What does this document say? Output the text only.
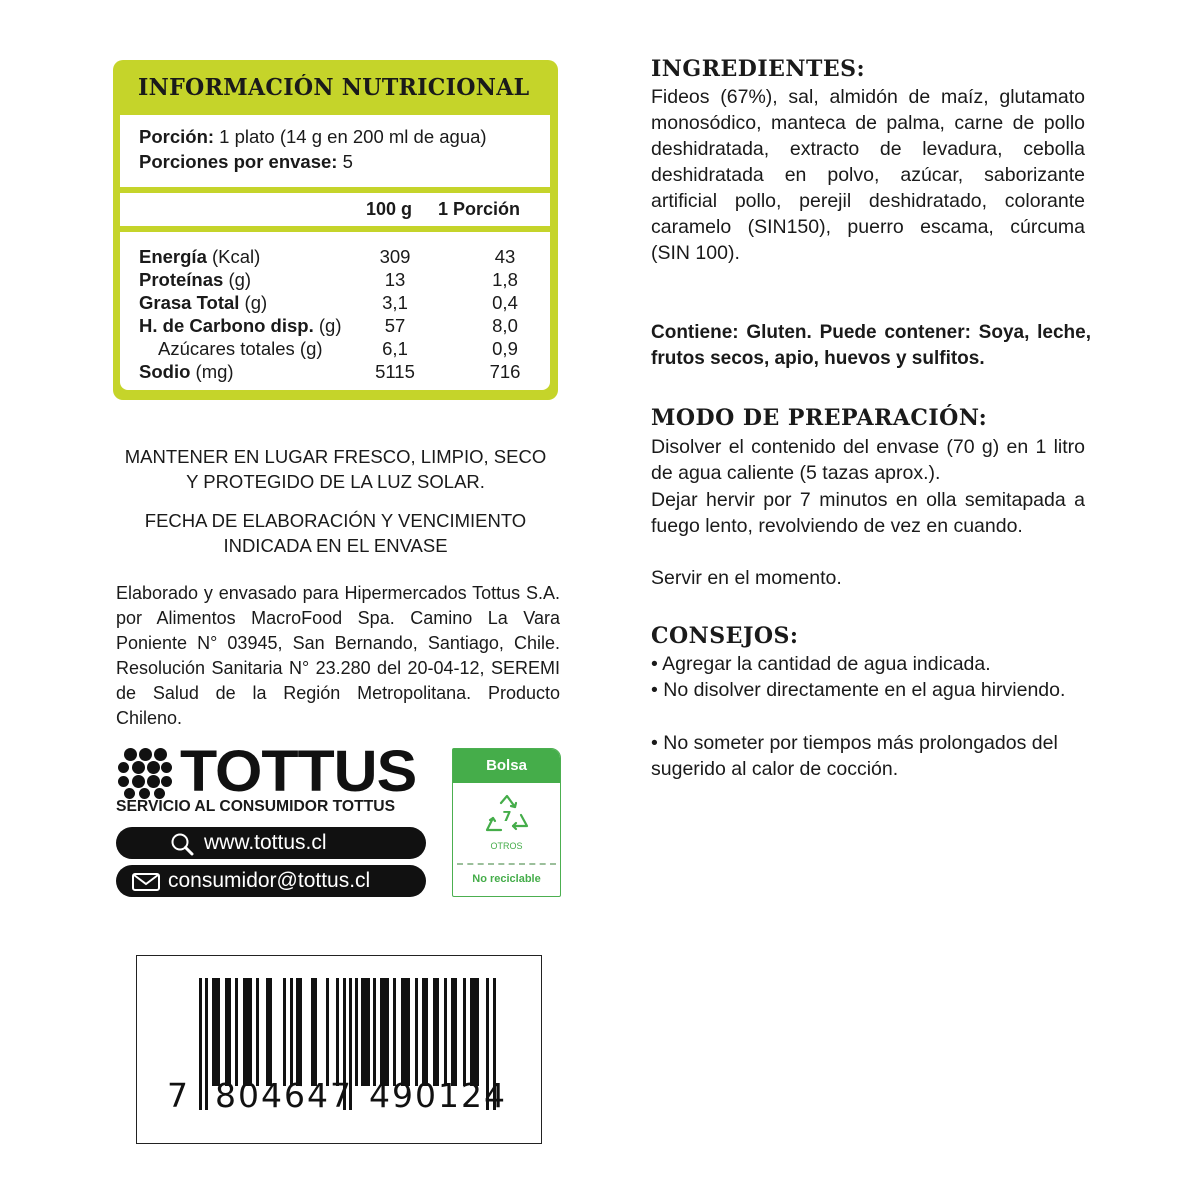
INFORMACIÓN NUTRICIONAL
Porción: 1 plato (14 g en 200 ml de agua)
Porciones por envase: 5
100 g 1 Porción
Energía (Kcal)	309	43
Proteínas (g)	13	1,8
Grasa Total (g)	3,1	0,4
H. de Carbono disp. (g)	57	8,0
Azúcares totales (g)	6,1	0,9
Sodio (mg)	5115	716
MANTENER EN LUGAR FRESCO, LIMPIO, SECO
Y PROTEGIDO DE LA LUZ SOLAR.
FECHA DE ELABORACIÓN Y VENCIMIENTO
INDICADA EN EL ENVASE
Elaborado y envasado para Hipermercados Tottus S.A. por Alimentos MacroFood Spa. Camino La Vara Poniente N° 03945, San Bernando, Santiago, Chile. Resolución Sanitaria N° 23.280 del 20-04-12, SEREMI de Salud de la Región Metropolitana. Producto Chileno.
TOTTUS
SERVICIO AL CONSUMIDOR TOTTUS
www.tottus.cl
consumidor@tottus.cl
Bolsa
7
OTROS
No reciclable
7 804647 490124
INGREDIENTES:
Fideos (67%), sal, almidón de maíz, glutamato monosódico, manteca de palma, carne de pollo deshidratada, extracto de levadura, cebolla deshidratada en polvo, azúcar, saborizante artificial pollo, perejil deshidratado, colorante caramelo (SIN150), puerro escama, cúrcuma (SIN 100).
Contiene: Gluten. Puede contener: Soya, leche, frutos secos, apio, huevos y sulfitos.
MODO DE PREPARACIÓN:
Disolver el contenido del envase (70 g) en 1 litro de agua caliente (5 tazas aprox.).
Dejar hervir por 7 minutos en olla semitapada a fuego lento, revolviendo de vez en cuando.
Servir en el momento.
CONSEJOS:
• Agregar la cantidad de agua indicada.
• No disolver directamente en el agua hirviendo.
• No someter por tiempos más prolongados del sugerido al calor de cocción.
